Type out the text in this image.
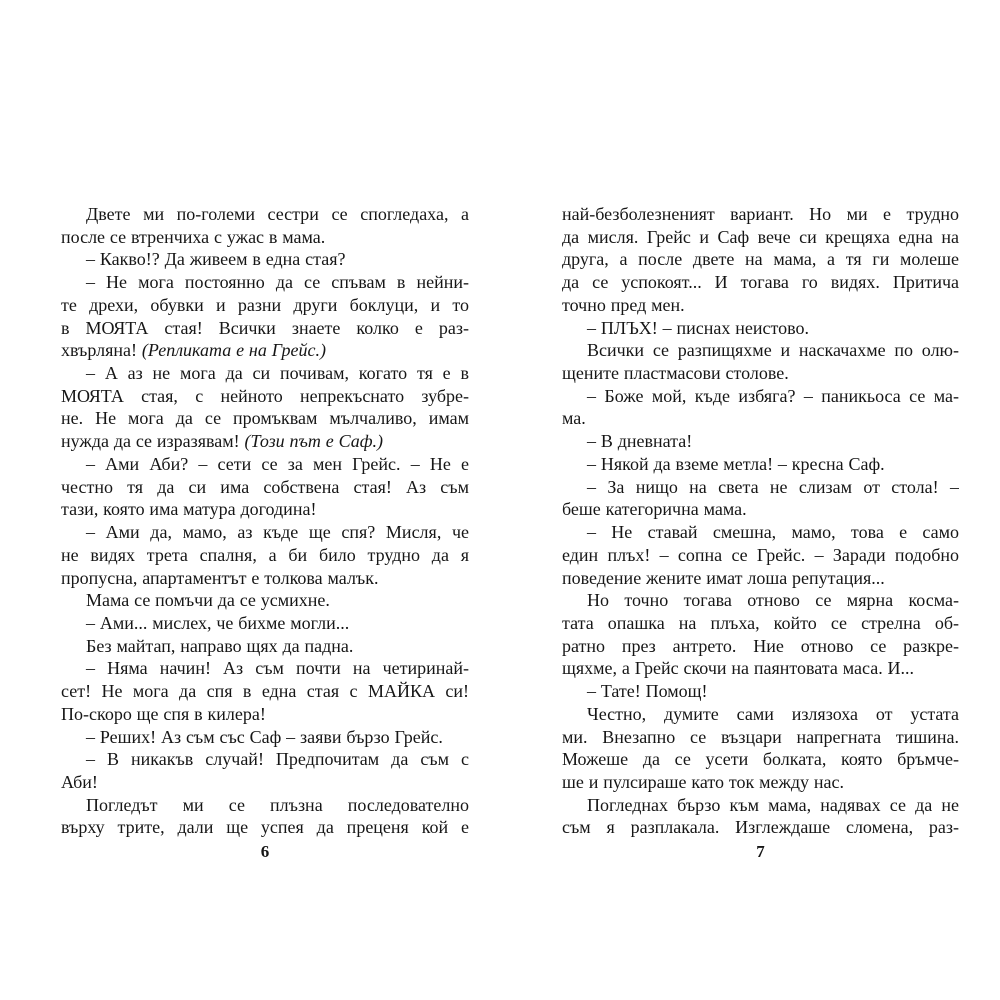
Двете ми по-големи сестри се спогледаха, а
после се втренчиха с ужас в мама.
– Какво!? Да живеем в една стая?
– Не мога постоянно да се спъвам в нейни-
те дрехи, обувки и разни други боклуци, и то
в МОЯТА стая! Всички знаете колко е раз-
хвърляна! (Репликата е на Грейс.)
– А аз не мога да си почивам, когато тя е в
МОЯТА стая, с нейното непрекъснато зубре-
не. Не мога да се промъквам мълчаливо, имам
нужда да се изразявам! (Този път е Саф.)
– Ами Аби? – сети се за мен Грейс. – Не е
честно тя да си има собствена стая! Аз съм
тази, която има матура догодина!
– Ами да, мамо, аз къде ще спя? Мисля, че
не видях трета спалня, а би било трудно да я
пропусна, апартаментът е толкова малък.
Мама се помъчи да се усмихне.
– Ами... мислех, че бихме могли...
Без майтап, направо щях да падна.
– Няма начин! Аз съм почти на четиринай-
сет! Не мога да спя в една стая с МАЙКА си!
По-скоро ще спя в килера!
– Реших! Аз съм със Саф – заяви бързо Грейс.
– В никакъв случай! Предпочитам да съм с
Аби!
Погледът ми се плъзна последователно
върху трите, дали ще успея да преценя кой е
най-безболезненият вариант. Но ми е трудно
да мисля. Грейс и Саф вече си крещяха една на
друга, а после двете на мама, а тя ги молеше
да се успокоят... И тогава го видях. Притича
точно пред мен.
– ПЛЪХ! – писнах неистово.
Всички се разпищяхме и наскачахме по олю-
щените пластмасови столове.
– Боже мой, къде избяга? – паникьоса се ма-
ма.
– В дневната!
– Някой да вземе метла! – кресна Саф.
– За нищо на света не слизам от стола! –
беше категорична мама.
– Не ставай смешна, мамо, това е само
един плъх! – сопна се Грейс. – Заради подобно
поведение жените имат лоша репутация...
Но точно тогава отново се мярна косма-
тата опашка на плъха, който се стрелна об-
ратно през антрето. Ние отново се разкре-
щяхме, а Грейс скочи на паянтовата маса. И...
– Тате! Помощ!
Честно, думите сами излязоха от устата
ми. Внезапно се възцари напрегната тишина.
Можеше да се усети болката, която бръмче-
ше и пулсираше като ток между нас.
Погледнах бързо към мама, надявах се да не
съм я разплакала. Изглеждаше сломена, раз-
6	7
